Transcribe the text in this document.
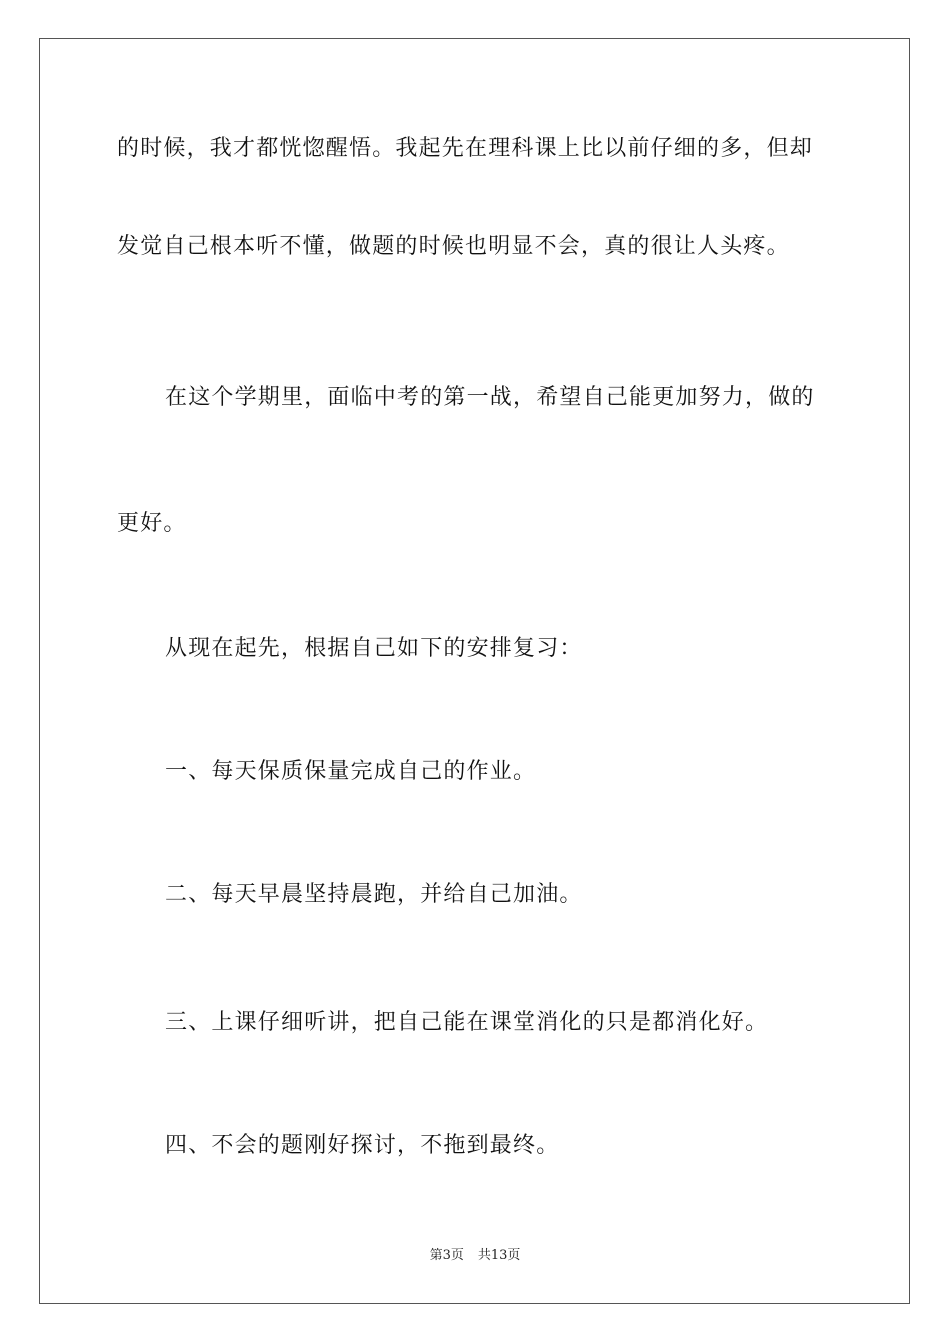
的时候，我才都恍惚醒悟。我起先在理科课上比以前仔细的多，但却
发觉自己根本听不懂，做题的时候也明显不会，真的很让人头疼。
在这个学期里，面临中考的第一战，希望自己能更加努力，做的
更好。
从现在起先，根据自己如下的安排复习：
一、每天保质保量完成自己的作业。
二、每天早晨坚持晨跑，并给自己加油。
三、上课仔细听讲，把自己能在课堂消化的只是都消化好。
四、不会的题刚好探讨，不拖到最终。
第3页 共13页
